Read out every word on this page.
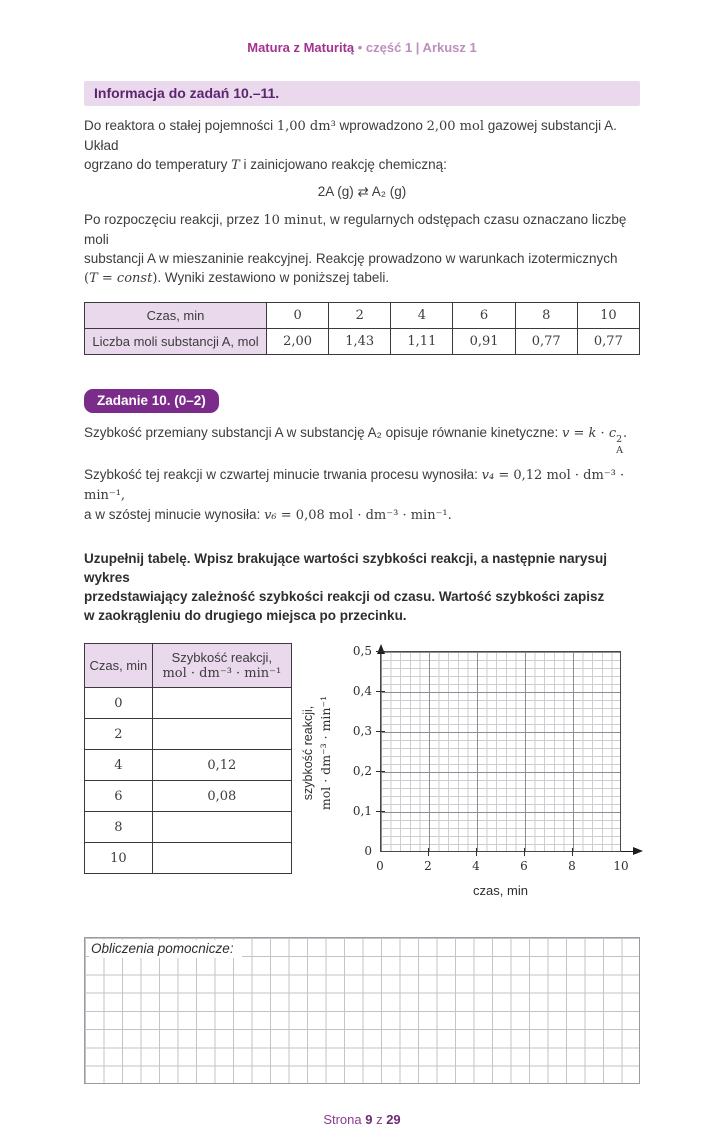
Matura z Maturitą • część 1 | Arkusz 1
Informacja do zadań 10.–11.
Do reaktora o stałej pojemności 1,00 dm³ wprowadzono 2,00 mol gazowej substancji A. Układ
ogrzano do temperatury T i zainicjowano reakcję chemiczną:
2A (g) ⇄ A₂ (g)
Po rozpoczęciu reakcji, przez 10 minut, w regularnych odstępach czasu oznaczano liczbę moli
substancji A w mieszaninie reakcyjnej. Reakcję prowadzono w warunkach izotermicznych
(T = const). Wyniki zestawiono w poniższej tabeli.
Czas, min	0	2	4	6	8	10
Liczba moli substancji A, mol	2,00	1,43	1,11	0,91	0,77	0,77
Zadanie 10. (0–2)
Szybkość przemiany substancji A w substancję A₂ opisuje równanie kinetyczne: v = k · c 2
A
.
Szybkość tej reakcji w czwartej minucie trwania procesu wynosiła: v₄ = 0,12 mol · dm⁻³ · min⁻¹,
a w szóstej minucie wynosiła: v₆ = 0,08 mol · dm⁻³ · min⁻¹.
Uzupełnij tabelę. Wpisz brakujące wartości szybkości reakcji, a następnie narysuj wykres
przedstawiający zależność szybkości reakcji od czasu. Wartość szybkości zapisz
w zaokrągleniu do drugiego miejsca po przecinku.
Czas, min	Szybkość reakcji,
mol · dm⁻³ · min⁻¹

0	
2	
4	0,12
6	0,08
8	
10	
szybkość reakcji, mol · dm⁻³ · min⁻¹
0,5
0,4
0,3
0,2
0,1
0
0	2	4	6	8	10
czas, min
Obliczenia pomocnicze:
Strona 9 z 29
